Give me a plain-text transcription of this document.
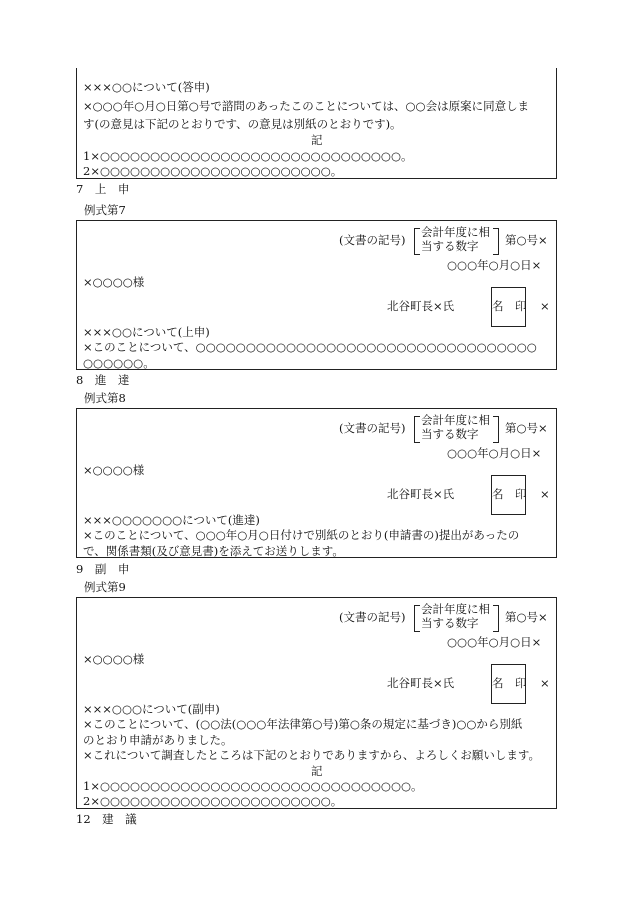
×××○○について(答申)
×○○○年○月○日第○号で諮問のあったこのことについては、○○会は原案に同意しま
す(の意見は下記のとおりです、の意見は別紙のとおりです)。
記
1×○○○○○○○○○○○○○○○○○○○○○○○○○○○○○○。
2×○○○○○○○○○○○○○○○○○○○○○○○。
7　上　申
例式第7
(文書の記号)
会計年度に相
当する数字 第○号×
○○○年○月○日×
×○○○○様
北谷町長×氏	名　印 ×
×××○○について(上申)
×このことについて、○○○○○○○○○○○○○○○○○○○○○○○○○○○○○○○○○○
○○○○○○。
8　進　達
例式第8
(文書の記号)
会計年度に相
当する数字 第○号×
○○○年○月○日×
×○○○○様
北谷町長×氏	名　印 ×
×××○○○○○○○について(進達)
×このことについて、○○○年○月○日付けで別紙のとおり(申請書の)提出があったの
で、関係書類(及び意見書)を添えてお送りします。
9　副　申
例式第9
(文書の記号)
会計年度に相
当する数字 第○号×
○○○年○月○日×
×○○○○様
北谷町長×氏	名　印 ×
×××○○○について(副申)
×このことについて、(○○法(○○○年法律第○号)第○条の規定に基づき)○○から別紙
のとおり申請がありました。
×これについて調査したところは下記のとおりでありますから、よろしくお願いします。
記
1×○○○○○○○○○○○○○○○○○○○○○○○○○○○○○○○。
2×○○○○○○○○○○○○○○○○○○○○○○○。
12　建　議
